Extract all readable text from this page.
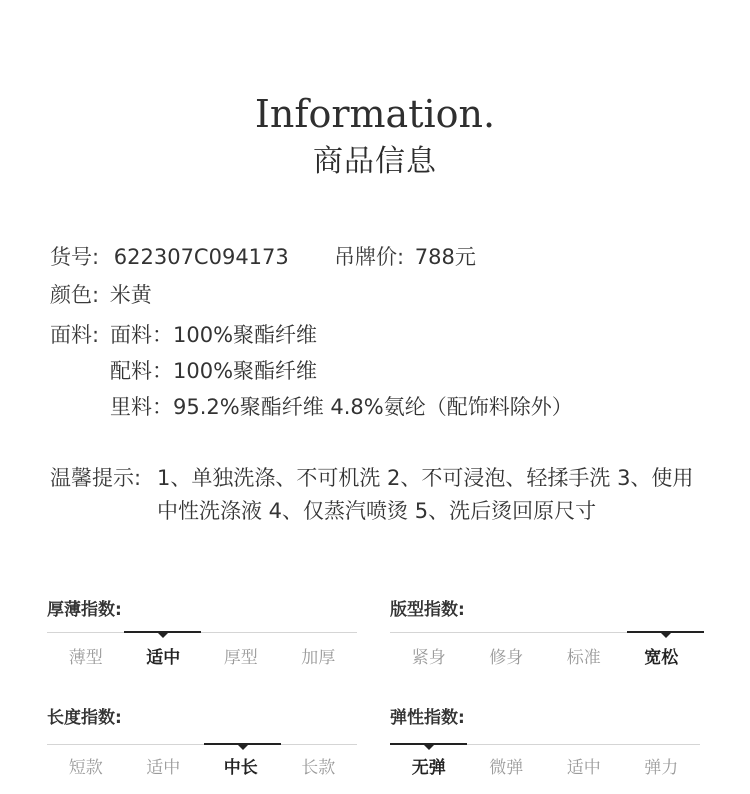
Information.
商品信息
货号: 622307C094173 吊牌价: 788元
颜色: 米黄
面料: 面料：100%聚酯纤维
配料：100%聚酯纤维
里料：95.2%聚酯纤维 4.8%氨纶（配饰料除外）
温馨提示: 1、单独洗涤、不可机洗 2、不可浸泡、轻揉手洗 3、使用中性洗涤液 4、仅蒸汽喷烫 5、洗后烫回原尺寸
厚薄指数:
薄型	适中	厚型	加厚
版型指数:
紧身	修身	标准	宽松
长度指数:
短款	适中	中长	长款
弹性指数:
无弹	微弹	适中	弹力
